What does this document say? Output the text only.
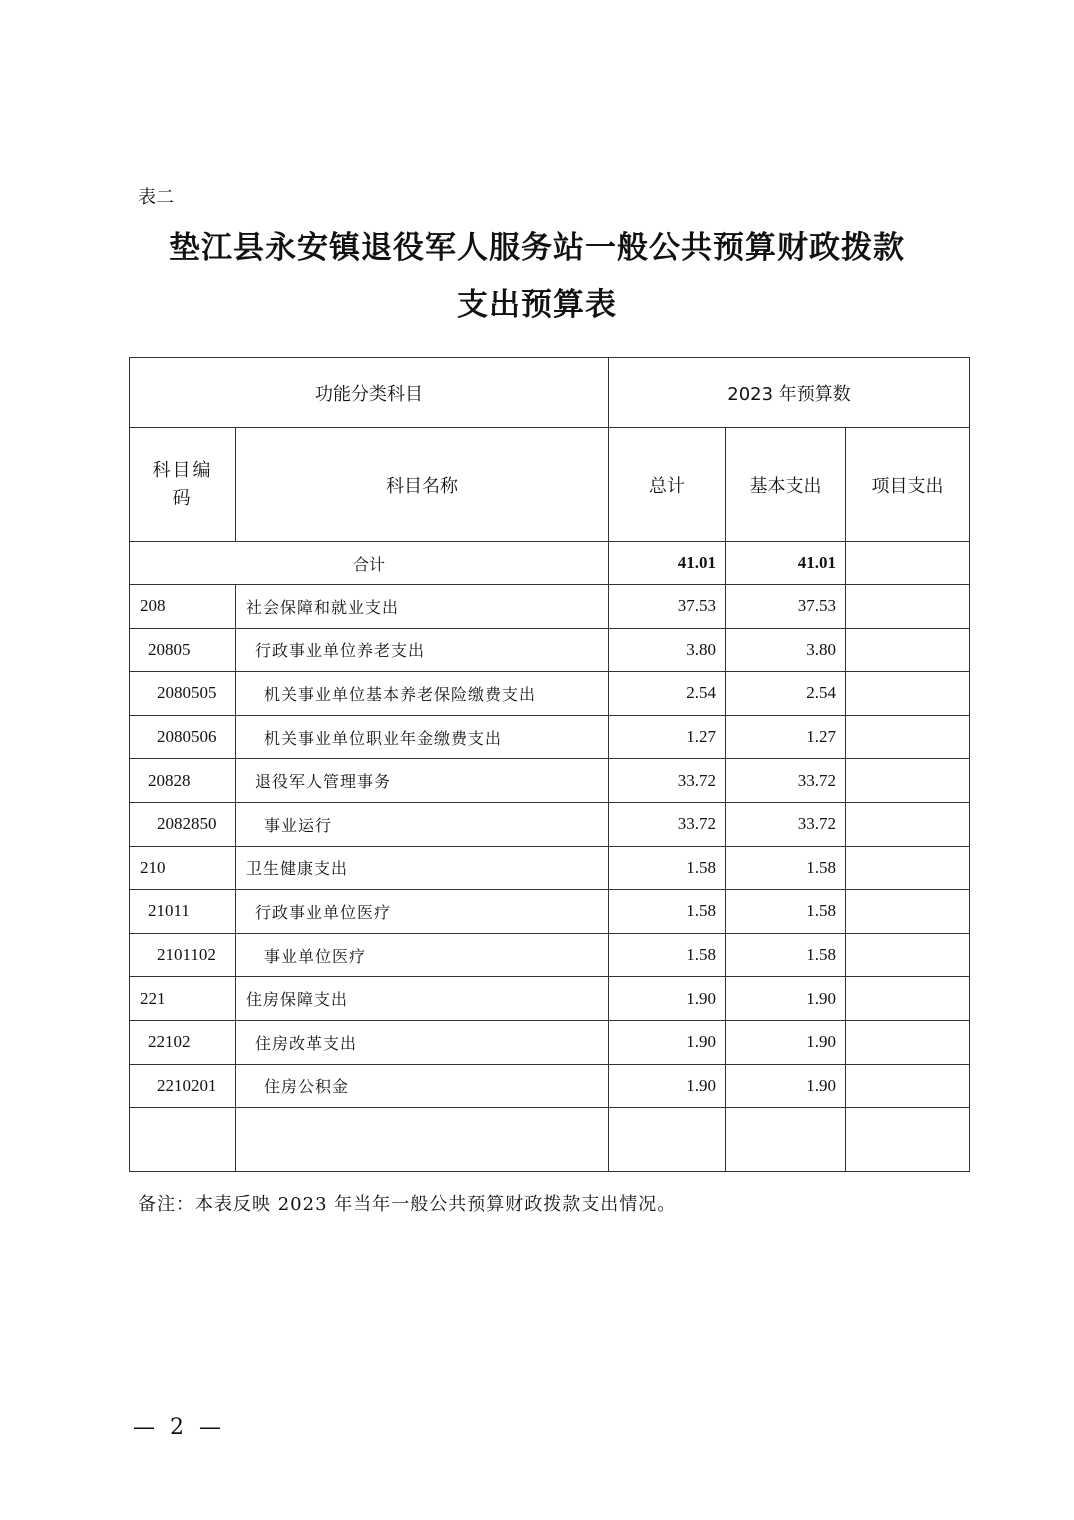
表二
垫江县永安镇退役军人服务站一般公共预算财政拨款
支出预算表
功能分类科目		2023 年预算数		

科目编码	科目名称	总计	基本支出	项目支出
合计		41.01	41.01	
208	社会保障和就业支出	37.53	37.53	
20805	行政事业单位养老支出	3.80	3.80	
2080505	机关事业单位基本养老保险缴费支出	2.54	2.54	
2080506	机关事业单位职业年金缴费支出	1.27	1.27	
20828	退役军人管理事务	33.72	33.72	
2082850	事业运行	33.72	33.72	
210	卫生健康支出	1.58	1.58	
21011	行政事业单位医疗	1.58	1.58	
2101102	事业单位医疗	1.58	1.58	
221	住房保障支出	1.90	1.90	
22102	住房改革支出	1.90	1.90	
2210201	住房公积金	1.90	1.90	

备注：本表反映 2023 年当年一般公共预算财政拨款支出情况。
— 2 —
